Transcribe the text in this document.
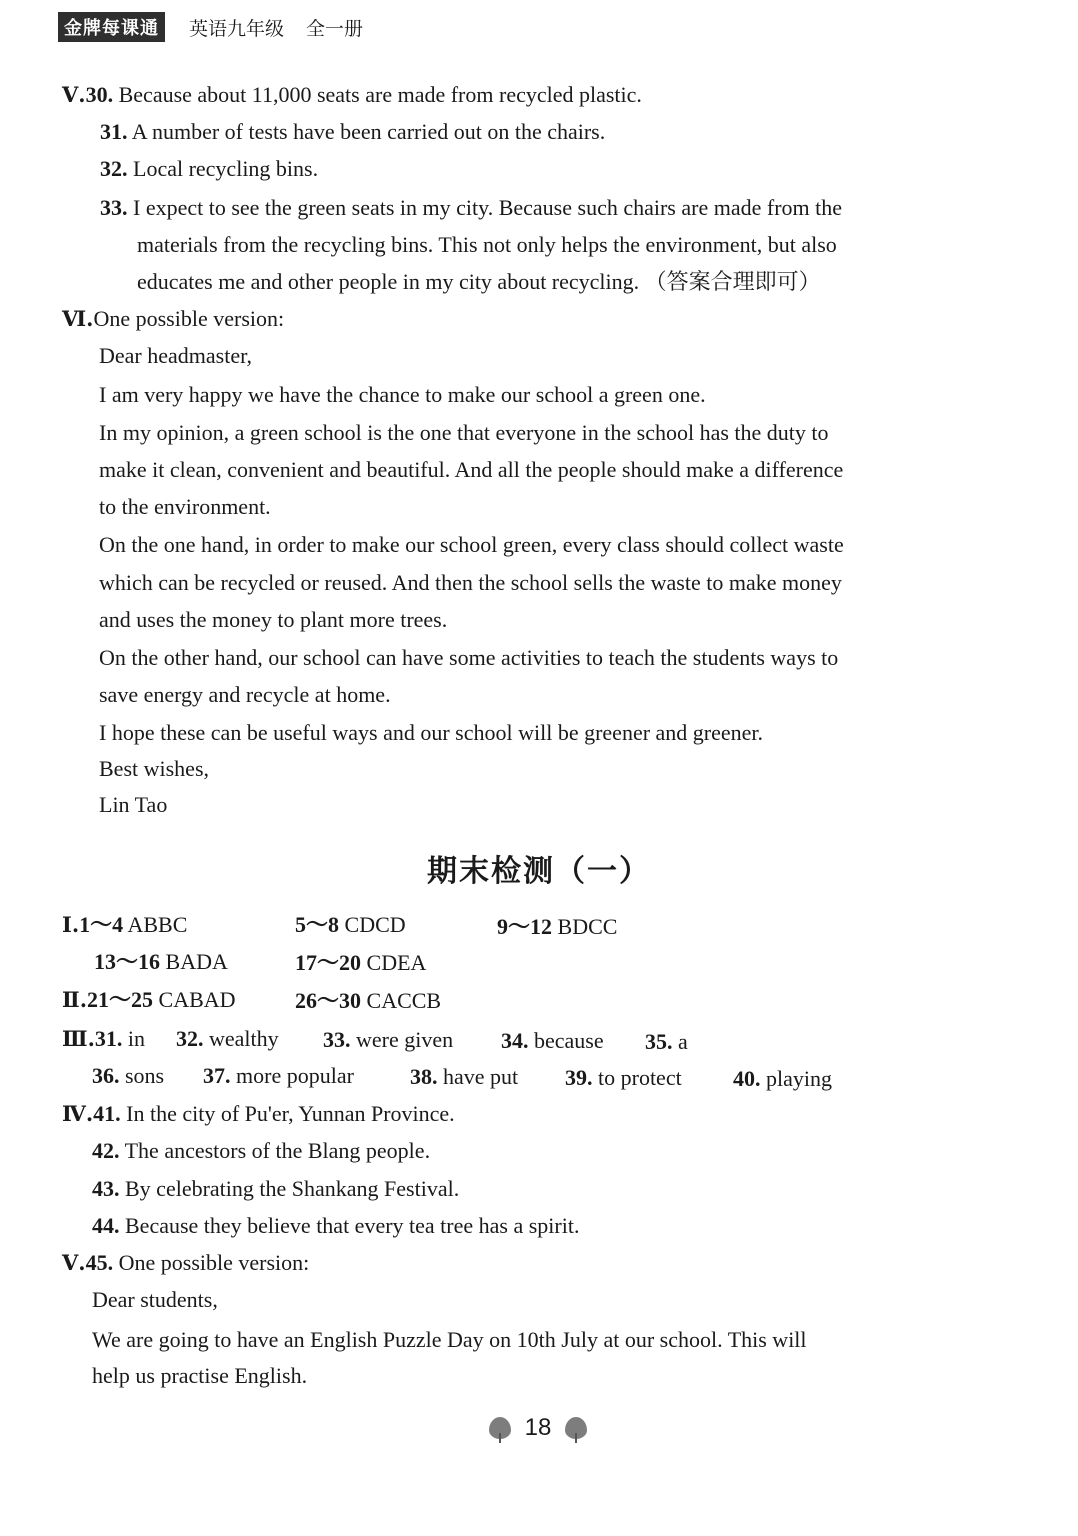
金牌每课通	英语九年级 全一册
Ⅴ.30. Because about 11,000 seats are made from recycled plastic.
31. A number of tests have been carried out on the chairs.
32. Local recycling bins.
33. I expect to see the green seats in my city. Because such chairs are made from the
materials from the recycling bins. This not only helps the environment, but also
educates me and other people in my city about recycling. （答案合理即可）
Ⅵ.One possible version:
Dear headmaster,
I am very happy we have the chance to make our school a green one.
In my opinion, a green school is the one that everyone in the school has the duty to
make it clean, convenient and beautiful. And all the people should make a difference
to the environment.
On the one hand, in order to make our school green, every class should collect waste
which can be recycled or reused. And then the school sells the waste to make money
and uses the money to plant more trees.
On the other hand, our school can have some activities to teach the students ways to
save energy and recycle at home.
I hope these can be useful ways and our school will be greener and greener.
Best wishes,
Lin Tao
期末检测（一）
Ⅰ.1～4 ABBC	5～8 CDCD	9～12 BDCC
13～16 BADA	17～20 CDEA
Ⅱ.21～25 CABAD	26～30 CACCB
Ⅲ.31. in 32. wealthy 33. were given 34. because 35. a
36. sons 37. more popular	38. have put 39. to protect 40. playing
Ⅳ.41. In the city of Pu'er, Yunnan Province.
42. The ancestors of the Blang people.
43. By celebrating the Shankang Festival.
44. Because they believe that every tea tree has a spirit.
Ⅴ.45. One possible version:
Dear students,
We are going to have an English Puzzle Day on 10th July at our school. This will
help us practise English.
18
